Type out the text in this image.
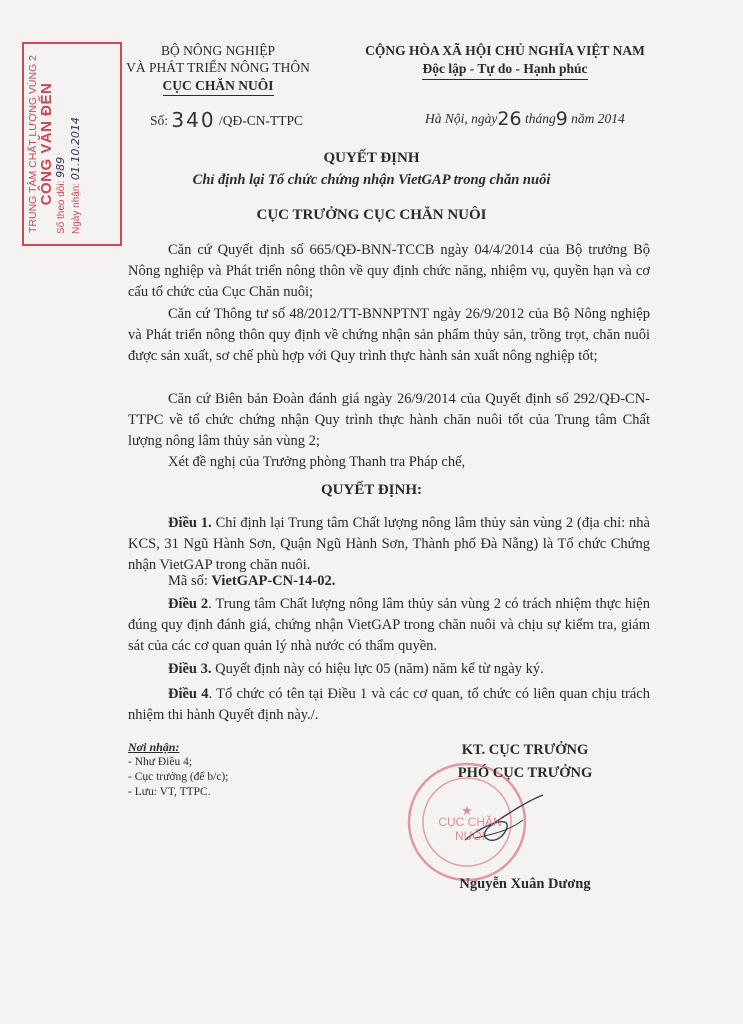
TRUNG TÂM CHẤT LƯỢNG VÙNG 2 CÔNG VĂN ĐẾN
Số theo dõi: 989
Ngày nhận: 01.10.2014
BỘ NÔNG NGHIỆP
VÀ PHÁT TRIỂN NÔNG THÔN
CỤC CHĂN NUÔI
CỘNG HÒA XÃ HỘI CHỦ NGHĨA VIỆT NAM
Độc lập - Tự do - Hạnh phúc
Số: 340 /QĐ-CN-TTPC	Hà Nội, ngày26 tháng9 năm 2014
QUYẾT ĐỊNH
Chỉ định lại Tổ chức chứng nhận VietGAP trong chăn nuôi
CỤC TRƯỞNG CỤC CHĂN NUÔI

Căn cứ Quyết định số 665/QĐ-BNN-TCCB ngày 04/4/2014 của Bộ trưởng Bộ Nông nghiệp và Phát triển nông thôn về quy định chức năng, nhiệm vụ, quyền hạn và cơ cấu tổ chức của Cục Chăn nuôi;

Căn cứ Thông tư số 48/2012/TT-BNNPTNT ngày 26/9/2012 của Bộ Nông nghiệp và Phát triển nông thôn quy định về chứng nhận sản phẩm thủy sản, trồng trọt, chăn nuôi được sản xuất, sơ chế phù hợp với Quy trình thực hành sản xuất nông nghiệp tốt;

Căn cứ Biên bản Đoàn đánh giá ngày 26/9/2014 của Quyết định số 292/QĐ-CN-TTPC về tổ chức chứng nhận Quy trình thực hành chăn nuôi tốt của Trung tâm Chất lượng nông lâm thủy sản vùng 2;

Xét đề nghị của Trưởng phòng Thanh tra Pháp chế,

QUYẾT ĐỊNH:

Điều 1. Chỉ định lại Trung tâm Chất lượng nông lâm thủy sản vùng 2 (địa chỉ: nhà KCS, 31 Ngũ Hành Sơn, Quận Ngũ Hành Sơn, Thành phố Đà Nẵng) là Tổ chức Chứng nhận VietGAP trong chăn nuôi.

Mã số: VietGAP-CN-14-02.

Điều 2. Trung tâm Chất lượng nông lâm thủy sản vùng 2 có trách nhiệm thực hiện đúng quy định đánh giá, chứng nhận VietGAP trong chăn nuôi và chịu sự kiểm tra, giám sát của các cơ quan quản lý nhà nước có thẩm quyền.

Điều 3. Quyết định này có hiệu lực 05 (năm) năm kể từ ngày ký.

Điều 4. Tổ chức có tên tại Điều 1 và các cơ quan, tổ chức có liên quan chịu trách nhiệm thi hành Quyết định này./.

Nơi nhận:
- Như Điều 4;
- Cục trưởng (để b/c);
- Lưu: VT, TTPC.
★
CỤC CHĂN NUÔI
KT. CỤC TRƯỞNG
PHÓ CỤC TRƯỞNG
Nguyễn Xuân Dương
